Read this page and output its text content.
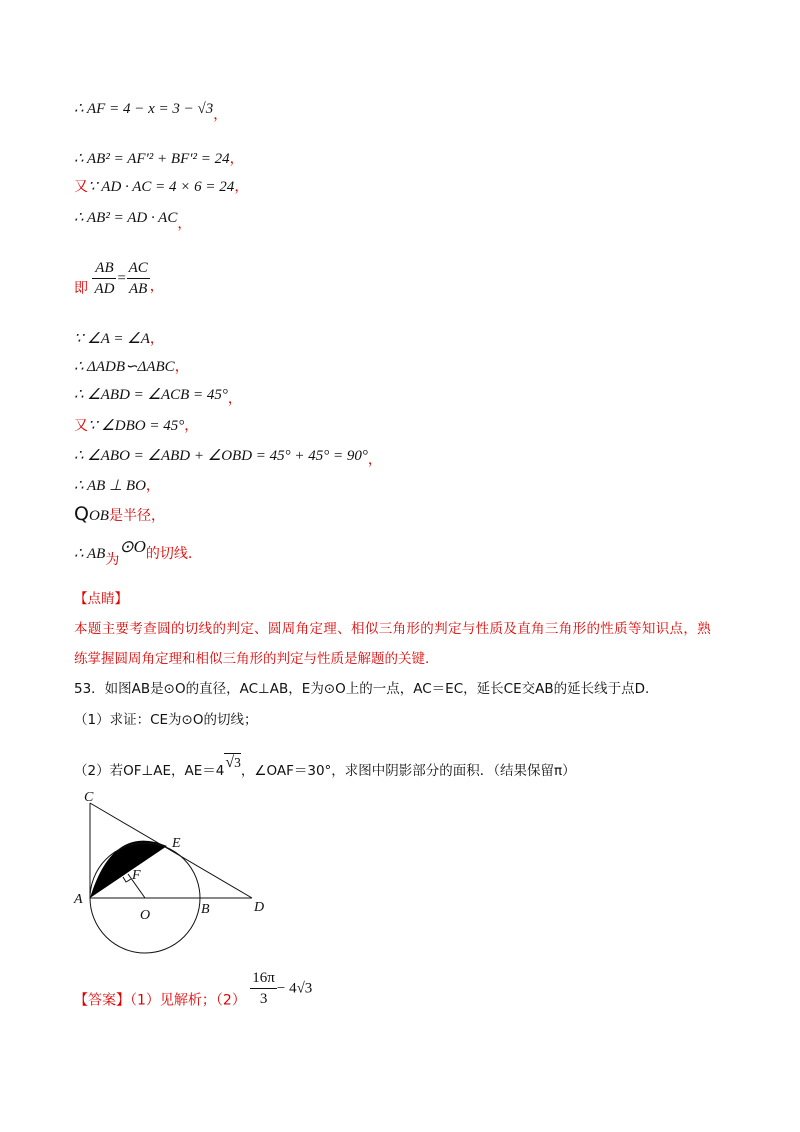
∴ AF = 4 − x = 3 − √3，
∴ AB² = AF′² + BF′² = 24，
又∵ AD · AC = 4 × 6 = 24，
∴ AB² = AD · AC，
即 $\frac{AB}{AD} = \frac{AC}{AB}$ ，
∵ ∠A = ∠A，
∴ ΔADB∽ΔABC，
∴ ∠ABD = ∠ACB = 45°，
又∵ ∠DBO = 45°，
∴ ∠ABO = ∠ABD + ∠OBD = 45° + 45° = 90°，
∴ AB ⊥ BO，
QOB是半径，
∴ AB为⊙O的切线.
【点睛】
本题主要考查圆的切线的判定、圆周角定理、相似三角形的判定与性质及直角三角形的性质等知识点，熟
练掌握圆周角定理和相似三角形的判定与性质是解题的关键.
53．如图AB是⊙O的直径，AC⊥AB，E为⊙O上的一点，AC＝EC，延长CE交AB的延长线于点D.
（1）求证：CE为⊙O的切线；
（2）若OF⊥AE，AE＝4√3，∠OAF＝30°，求图中阴影部分的面积．（结果保留π）
C
E
F
A
O	B	D
【答案】（1）见解析；$(2) \frac{16\pi}{3} - 4√3$
